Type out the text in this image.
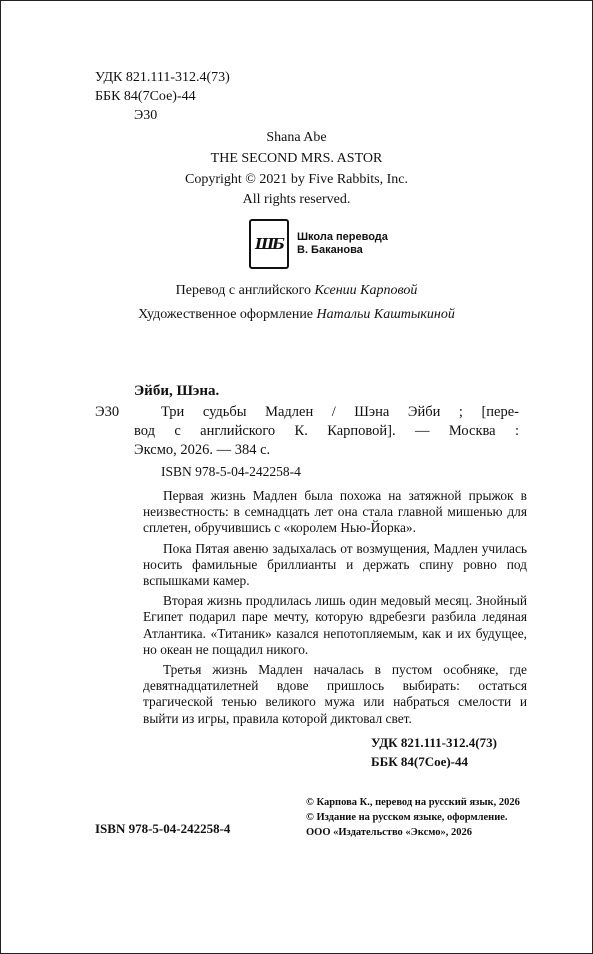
УДК 821.111-312.4(73)
ББК 84(7Сое)-44
Э30
Shana Abe
THE SECOND MRS. ASTOR
Copyright © 2021 by Five Rabbits, Inc.
All rights reserved.
ШБ	Школа перевода
В. Баканова
Перевод с английского Ксении Карповой
Художественное оформление Натальи Каштыкиной
Эйби, Шэна.
Э30	Три судьбы Мадлен / Шэна Эйби ; [пере-
вод с английского К. Карповой]. — Москва :
Эксмо, 2026. — 384 с.
ISBN 978-5-04-242258-4

Первая жизнь Мадлен была похожа на затяжной прыжок в неизвестность: в семнадцать лет она стала главной мишенью для сплетен, обручившись с «королем Нью-Йорка».

Пока Пятая авеню задыхалась от возмущения, Мадлен училась носить фамильные бриллианты и держать спину ровно под вспышками камер.

Вторая жизнь продлилась лишь один медовый месяц. Знойный Египет подарил паре мечту, которую вдребезги разбила ледяная Атлантика. «Титаник» казался непотопляемым, как и их будущее, но океан не пощадил никого.

Третья жизнь Мадлен началась в пустом особняке, где девятнадцатилетней вдове пришлось выбирать: остаться трагической тенью великого мужа или набраться смелости и выйти из игры, правила которой диктовал свет.

УДК 821.111-312.4(73)
ББК 84(7Сое)-44
ISBN 978-5-04-242258-4
© Карпова К., перевод на русский язык, 2026
© Издание на русском языке, оформление.
ООО «Издательство «Эксмо», 2026
